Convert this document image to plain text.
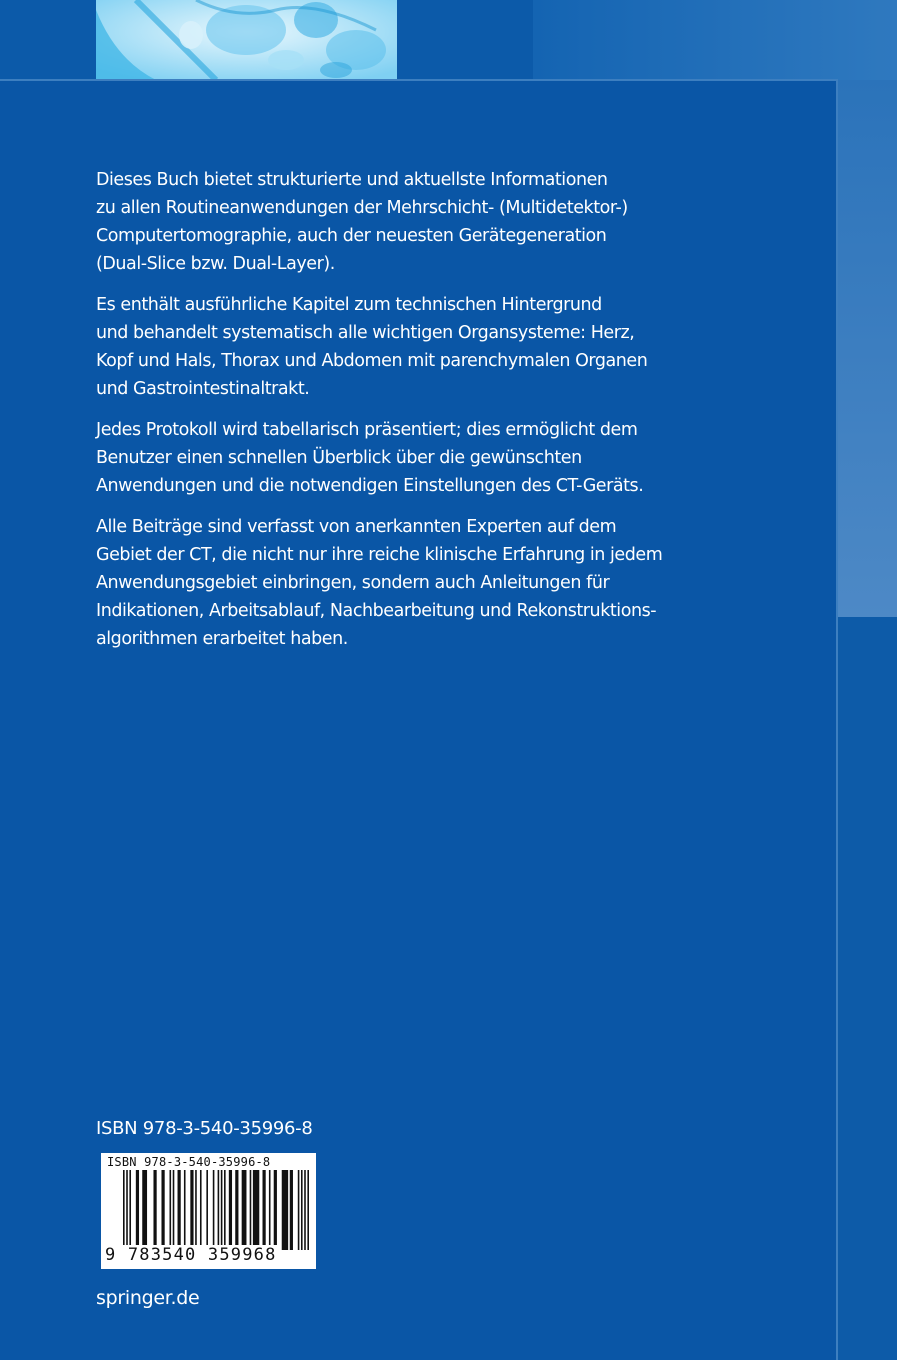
Dieses Buch bietet strukturierte und aktuellste Informationen
zu allen Routineanwendungen der Mehrschicht- (Multidetektor-)
Computertomographie, auch der neuesten Gerätegeneration
(Dual-Slice bzw. Dual-Layer).

Es enthält ausführliche Kapitel zum technischen Hintergrund
und behandelt systematisch alle wichtigen Organsysteme: Herz,
Kopf und Hals, Thorax und Abdomen mit parenchymalen Organen
und Gastrointestinaltrakt.

Jedes Protokoll wird tabellarisch präsentiert; dies ermöglicht dem
Benutzer einen schnellen Überblick über die gewünschten
Anwendungen und die notwendigen Einstellungen des CT-Geräts.

Alle Beiträge sind verfasst von anerkannten Experten auf dem
Gebiet der CT, die nicht nur ihre reiche klinische Erfahrung in jedem
Anwendungsgebiet einbringen, sondern auch Anleitungen für
Indikationen, Arbeitsablauf, Nachbearbeitung und Rekonstruktions-
algorithmen erarbeitet haben.

ISBN 978-3-540-35996-8
ISBN 978-3-540-35996-8
9 783540 359968
springer.de
